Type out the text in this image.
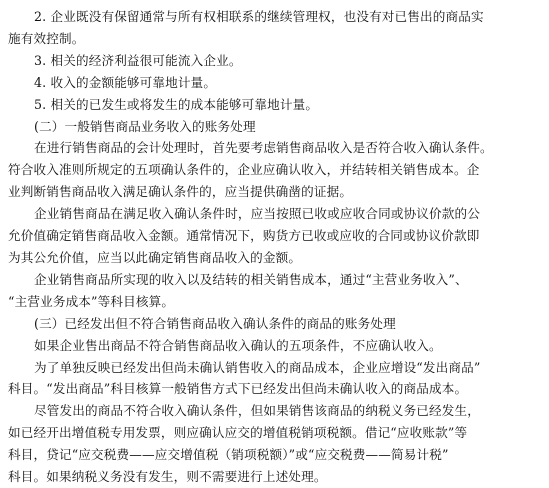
2. 企业既没有保留通常与所有权相联系的继续管理权，也没有对已售出的商品实
施有效控制。
3. 相关的经济利益很可能流入企业。
4. 收入的金额能够可靠地计量。
5. 相关的已发生或将发生的成本能够可靠地计量。
(二）一般销售商品业务收入的账务处理
在进行销售商品的会计处理时，首先要考虑销售商品收入是否符合收入确认条件。
符合收入准则所规定的五项确认条件的，企业应确认收入，并结转相关销售成本。企
业判断销售商品收入满足确认条件的，应当提供确凿的证据。
企业销售商品在满足收入确认条件时，应当按照已收或应收合同或协议价款的公
允价值确定销售商品收入金额。通常情况下，购货方已收或应收的合同或协议价款即
为其公允价值，应当以此确定销售商品收入的金额。
企业销售商品所实现的收入以及结转的相关销售成本，通过“主营业务收入”、
“主营业务成本”等科目核算。
(三）已经发出但不符合销售商品收入确认条件的商品的账务处理
如果企业售出商品不符合销售商品收入确认的五项条件，不应确认收入。
为了单独反映已经发出但尚未确认销售收入的商品成本，企业应增设“发出商品”
科目。“发出商品”科目核算一般销售方式下已经发出但尚未确认收入的商品成本。
尽管发出的商品不符合收入确认条件，但如果销售该商品的纳税义务已经发生，
如已经开出增值税专用发票，则应确认应交的增值税销项税额。借记“应收账款”等
科目，贷记“应交税费——应交增值税（销项税额）”或“应交税费——简易计税”
科目。如果纳税义务没有发生，则不需要进行上述处理。
